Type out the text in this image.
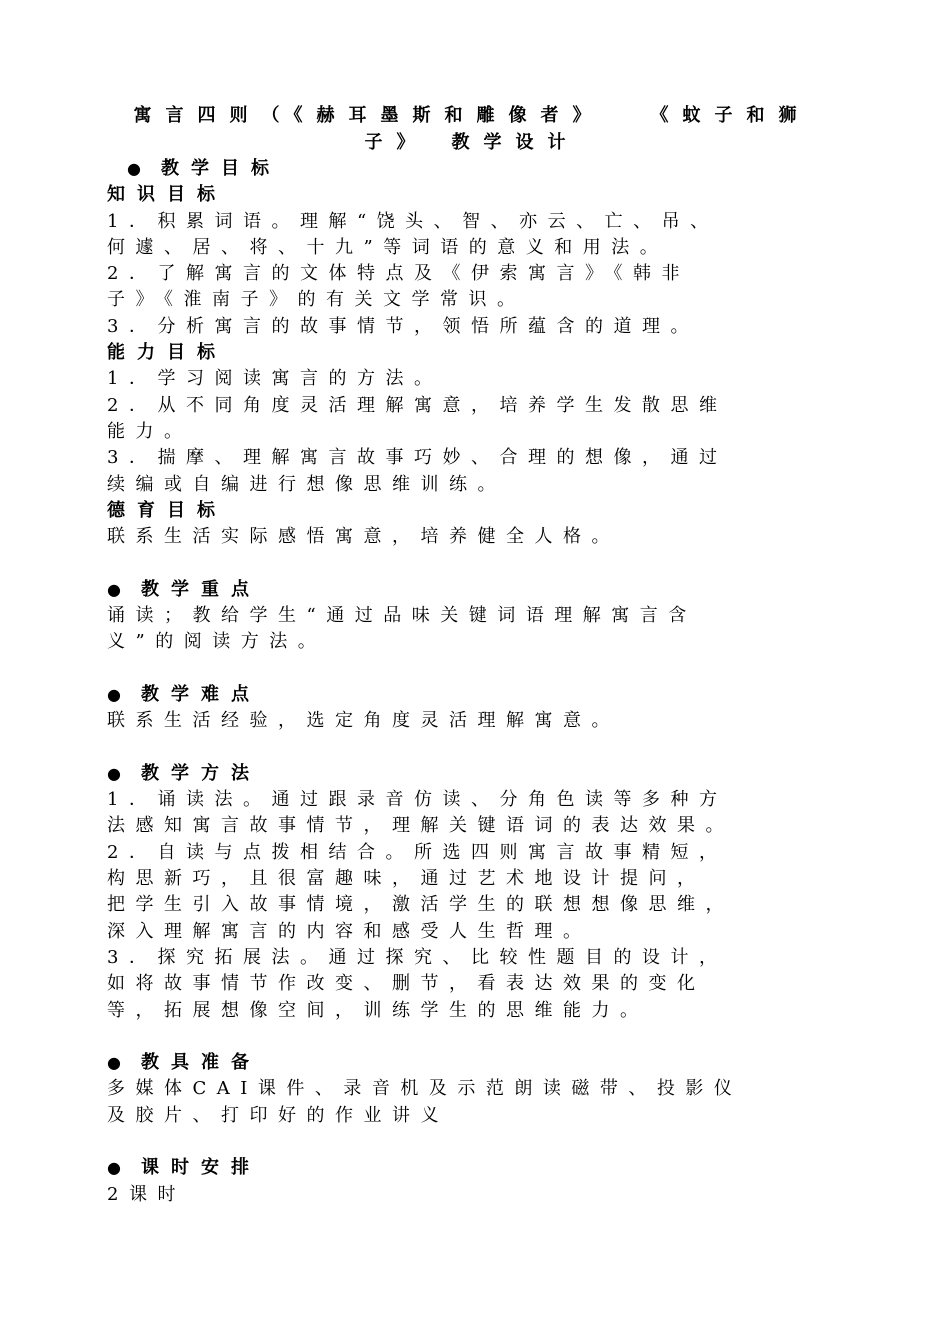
寓言四则（《赫耳墨斯和雕像者》　　《蚊子和狮
子》　教学设计
● 教学目标
知识目标
1．积累词语。理解“饶头、智、亦云、亡、吊、
何遽、居、将、十九”等词语的意义和用法。
2．了解寓言的文体特点及《伊索寓言》《韩非
子》《淮南子》的有关文学常识。
3．分析寓言的故事情节，领悟所蕴含的道理。
能力目标
1．学习阅读寓言的方法。
2．从不同角度灵活理解寓意，培养学生发散思维
能力。
3．揣摩、理解寓言故事巧妙、合理的想像，通过
续编或自编进行想像思维训练。
德育目标
联系生活实际感悟寓意，培养健全人格。
● 教学重点
诵读；教给学生“通过品味关键词语理解寓言含
义”的阅读方法。
● 教学难点
联系生活经验，选定角度灵活理解寓意。
● 教学方法
1．诵读法。通过跟录音仿读、分角色读等多种方
法感知寓言故事情节，理解关键语词的表达效果。
2．自读与点拨相结合。所选四则寓言故事精短，
构思新巧，且很富趣味，通过艺术地设计提问，
把学生引入故事情境，激活学生的联想想像思维，
深入理解寓言的内容和感受人生哲理。
3．探究拓展法。通过探究、比较性题目的设计，
如将故事情节作改变、删节，看表达效果的变化
等，拓展想像空间，训练学生的思维能力。
● 教具准备
多媒体CAI课件、录音机及示范朗读磁带、投影仪
及胶片、打印好的作业讲义
● 课时安排
2课时
